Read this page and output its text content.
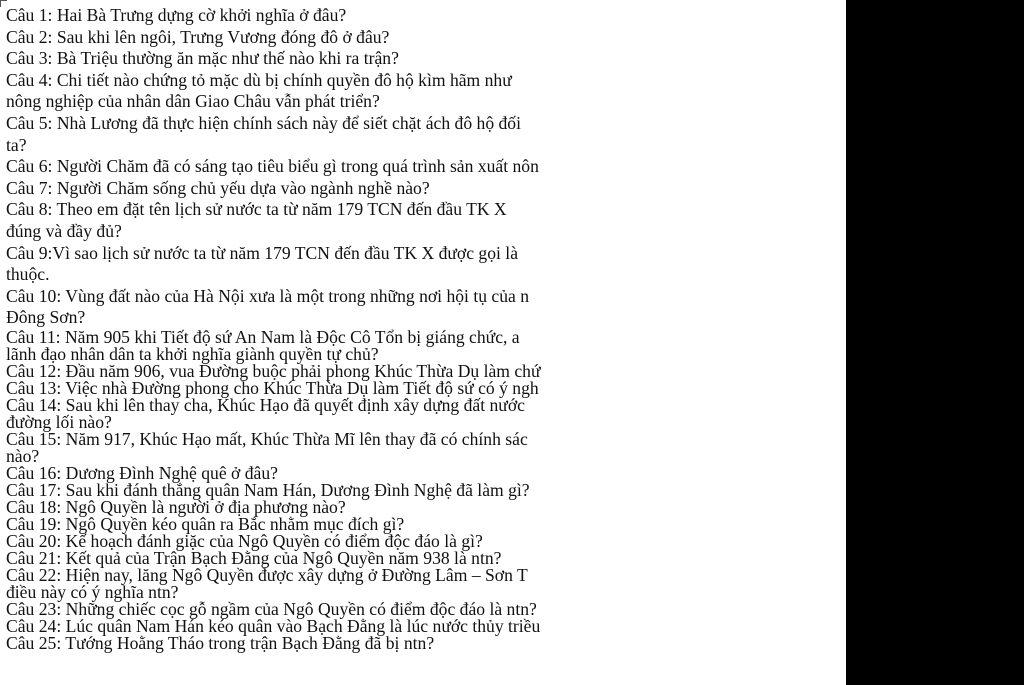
Câu 1: Hai Bà Trưng dựng cờ khởi nghĩa ở đâu?
Câu 2: Sau khi lên ngôi, Trưng Vương đóng đô ở đâu?
Câu 3: Bà Triệu thường ăn mặc như thế nào khi ra trận?
Câu 4: Chi tiết nào chứng tỏ mặc dù bị chính quyền đô hộ kìm hãm như
nông nghiệp của nhân dân Giao Châu vẫn phát triển?
Câu 5: Nhà Lương đã thực hiện chính sách này để siết chặt ách đô hộ đối
ta?
Câu 6: Người Chăm đã có sáng tạo tiêu biểu gì trong quá trình sản xuất nôn
Câu 7: Người Chăm sống chủ yếu dựa vào ngành nghề nào?
Câu 8: Theo em đặt tên lịch sử nước ta từ năm 179 TCN đến đầu TK X
đúng và đầy đủ?
Câu 9:Vì sao lịch sử nước ta từ năm 179 TCN đến đầu TK X được gọi là
thuộc.
Câu 10: Vùng đất nào của Hà Nội xưa là một trong những nơi hội tụ của n
Đông Sơn?
Câu 11: Năm 905 khi Tiết độ sứ An Nam là Độc Cô Tổn bị giáng chức, a
lãnh đạo nhân dân ta khởi nghĩa giành quyền tự chủ?
Câu 12: Đầu năm 906, vua Đường buộc phải phong Khúc Thừa Dụ làm chứ
Câu 13: Việc nhà Đường phong cho Khúc Thừa Dụ làm Tiết độ sứ có ý ngh
Câu 14: Sau khi lên thay cha, Khúc Hạo đã quyết định xây dựng đất nước
đường lối nào?
Câu 15: Năm 917, Khúc Hạo mất, Khúc Thừa Mĩ lên thay đã có chính sác
nào?
Câu 16: Dương Đình Nghệ quê ở đâu?
Câu 17: Sau khi đánh thắng quân Nam Hán, Dương Đình Nghệ đã làm gì?
Câu 18: Ngô Quyền là người ở địa phương nào?
Câu 19: Ngô Quyền kéo quân ra Bắc nhằm mục đích gì?
Câu 20: Kế hoạch đánh giặc của Ngô Quyền có điểm độc đáo là gì?
Câu 21: Kết quả của Trận Bạch Đằng của Ngô Quyền năm 938 là ntn?
Câu 22: Hiện nay, lăng Ngô Quyền được xây dựng ở Đường Lâm – Sơn T
điều này có ý nghĩa ntn?
Câu 23: Những chiếc cọc gỗ ngầm của Ngô Quyền có điểm độc đáo là ntn?
Câu 24: Lúc quân Nam Hán kéo quân vào Bạch Đằng là lúc nước thủy triều
Câu 25: Tướng Hoằng Tháo trong trận Bạch Đằng đã bị ntn?
